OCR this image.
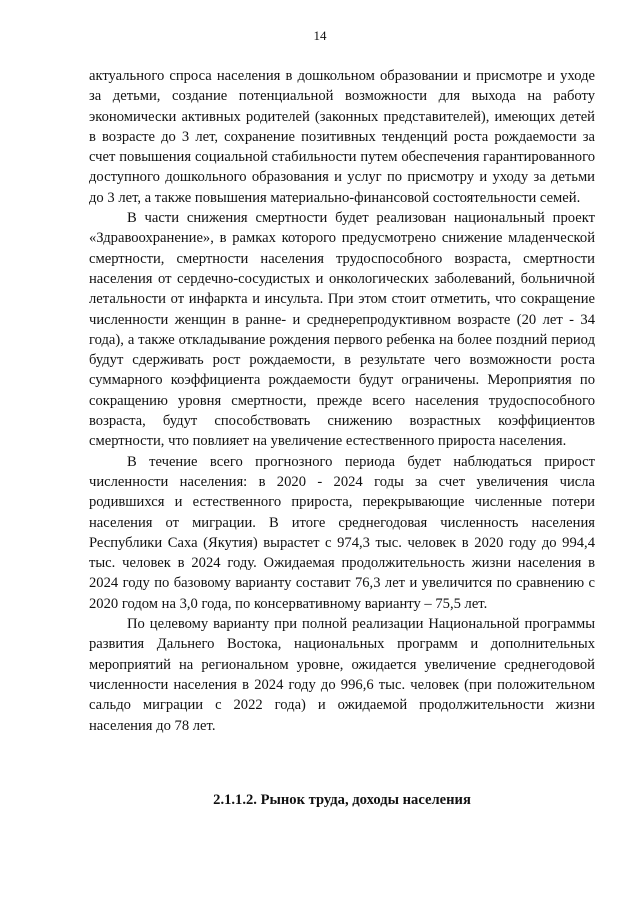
14

актуального спроса населения в дошкольном образовании и присмотре и уходе за детьми, создание потенциальной возможности для выхода на работу экономически активных родителей (законных представителей), имеющих детей в возрасте до 3 лет, сохранение позитивных тенденций роста рождаемости за счет повышения социальной стабильности путем обеспечения гарантированного доступного дошкольного образования и услуг по присмотру и уходу за детьми до 3 лет, а также повышения материально-финансовой состоятельности семей.

В части снижения смертности будет реализован национальный проект «Здравоохранение», в рамках которого предусмотрено снижение младенческой смертности, смертности населения трудоспособного возраста, смертности населения от сердечно-сосудистых и онкологических заболеваний, больничной летальности от инфаркта и инсульта. При этом стоит отметить, что сокращение численности женщин в ранне- и среднерепродуктивном возрасте (20 лет - 34 года), а также откладывание рождения первого ребенка на более поздний период будут сдерживать рост рождаемости, в результате чего возможности роста суммарного коэффициента рождаемости будут ограничены. Мероприятия по сокращению уровня смертности, прежде всего населения трудоспособного возраста, будут способствовать снижению возрастных коэффициентов смертности, что повлияет на увеличение естественного прироста населения.

В течение всего прогнозного периода будет наблюдаться прирост численности населения: в 2020 - 2024 годы за счет увеличения числа родившихся и естественного прироста, перекрывающие численные потери населения от миграции. В итоге среднегодовая численность населения Республики Саха (Якутия) вырастет с 974,3 тыс. человек в 2020 году до 994,4 тыс. человек в 2024 году. Ожидаемая продолжительность жизни населения в 2024 году по базовому варианту составит 76,3 лет и увеличится по сравнению с 2020 годом на 3,0 года, по консервативному варианту – 75,5 лет.

По целевому варианту при полной реализации Национальной программы развития Дальнего Востока, национальных программ и дополнительных мероприятий на региональном уровне, ожидается увеличение среднегодовой численности населения в 2024 году до 996,6 тыс. человек (при положительном сальдо миграции с 2022 года) и ожидаемой продолжительности жизни населения до 78 лет.

2.1.1.2. Рынок труда, доходы населения
